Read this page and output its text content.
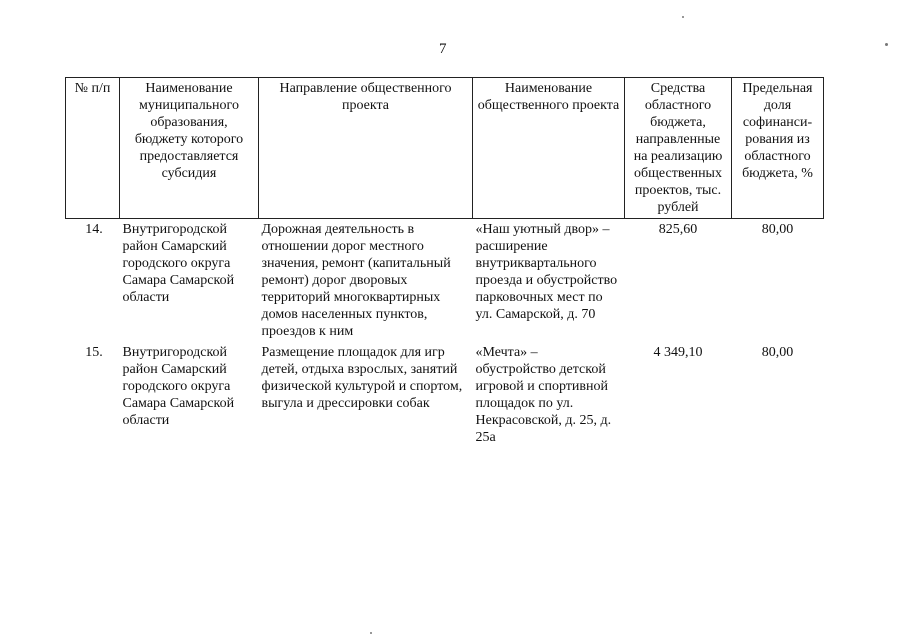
7
№ п/п	Наименование муниципального образования, бюджету которого предоставляется субсидия	Направление общественного проекта	Наименование общественного проекта	Средства областного бюджета, направленные на реализацию общественных проектов, тыс. рублей	Предельная доля софинанси-рования из областного бюджета, %
14.	Внутригородской район Самарский городского округа Самара Самарской области	Дорожная деятельность в отношении дорог местного значения, ремонт (капитальный ремонт) дорог дворовых территорий многоквартирных домов населенных пунктов, проездов к ним	«Наш уютный двор» – расширение внутриквартального проезда и обустройство парковочных мест по ул. Самарской, д. 70	825,60	80,00
15.	Внутригородской район Самарский городского округа Самара Самарской области	Размещение площадок для игр детей, отдыха взрослых, занятий физической культурой и спортом, выгула и дрессировки собак	«Мечта» – обустройство детской игровой и спортивной площадок по ул. Некрасовской, д. 25, д. 25а	4 349,10	80,00
